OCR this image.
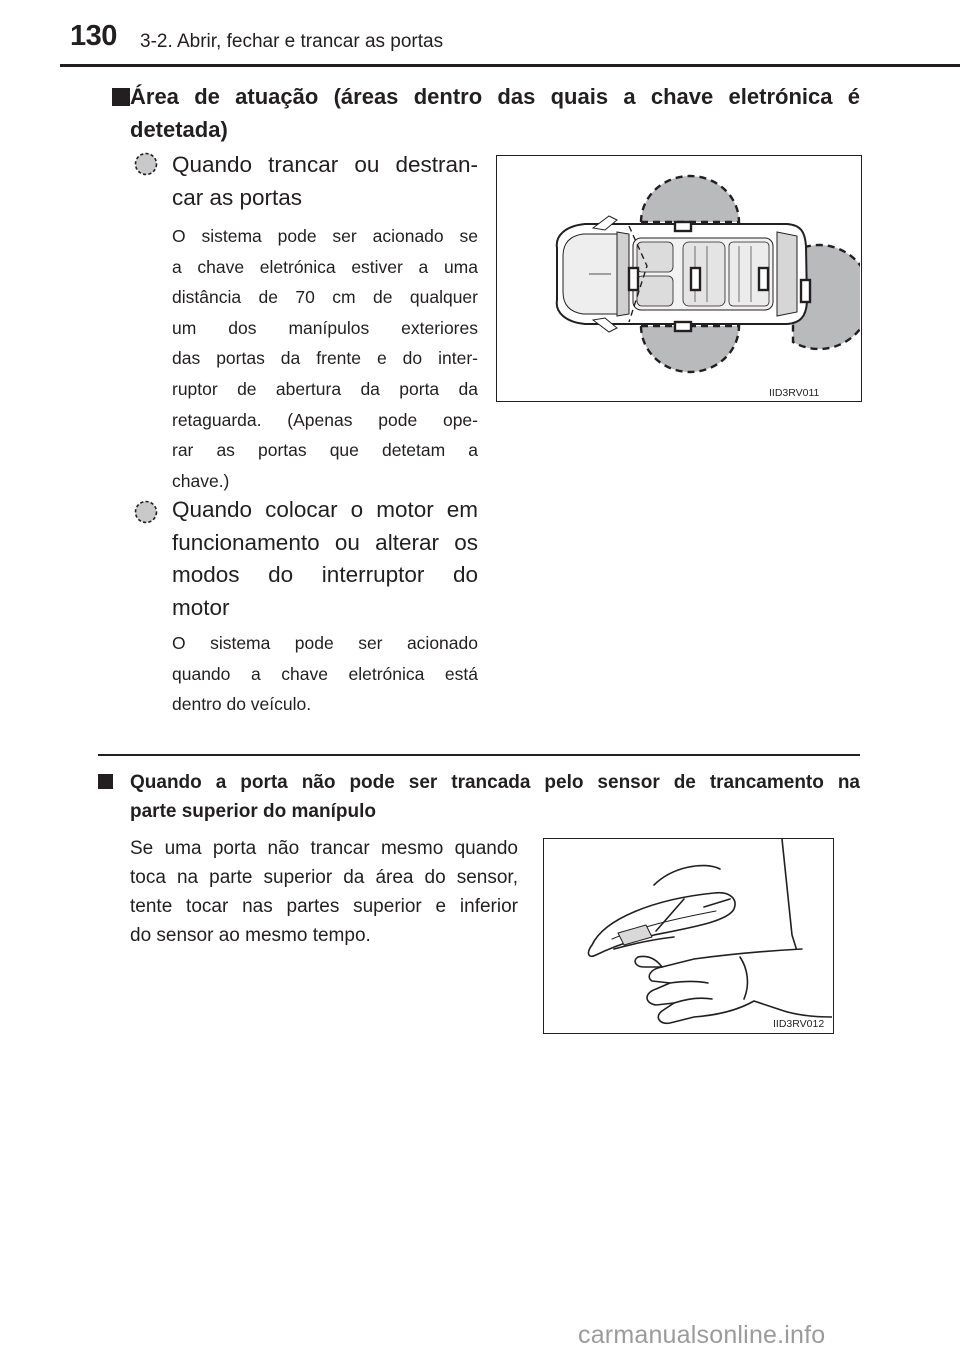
130 3-2. Abrir, fechar e trancar as portas
Área de atuação (áreas dentro das quais a chave eletrónica é
detetada)
Quando trancar ou destran-
car as portas
O sistema pode ser acionado se
a chave eletrónica estiver a uma
distância de 70 cm de qualquer
um dos manípulos exteriores
das portas da frente e do inter-
ruptor de abertura da porta da
retaguarda. (Apenas pode ope-
rar as portas que detetam a
chave.)
Quando colocar o motor em
funcionamento ou alterar os
modos do interruptor do
motor
O sistema pode ser acionado
quando a chave eletrónica está
dentro do veículo.
IID3RV011
Quando a porta não pode ser trancada pelo sensor de trancamento na
parte superior do manípulo
Se uma porta não trancar mesmo quando
toca na parte superior da área do sensor,
tente tocar nas partes superior e inferior
do sensor ao mesmo tempo.
IID3RV012
carmanualsonline.info
